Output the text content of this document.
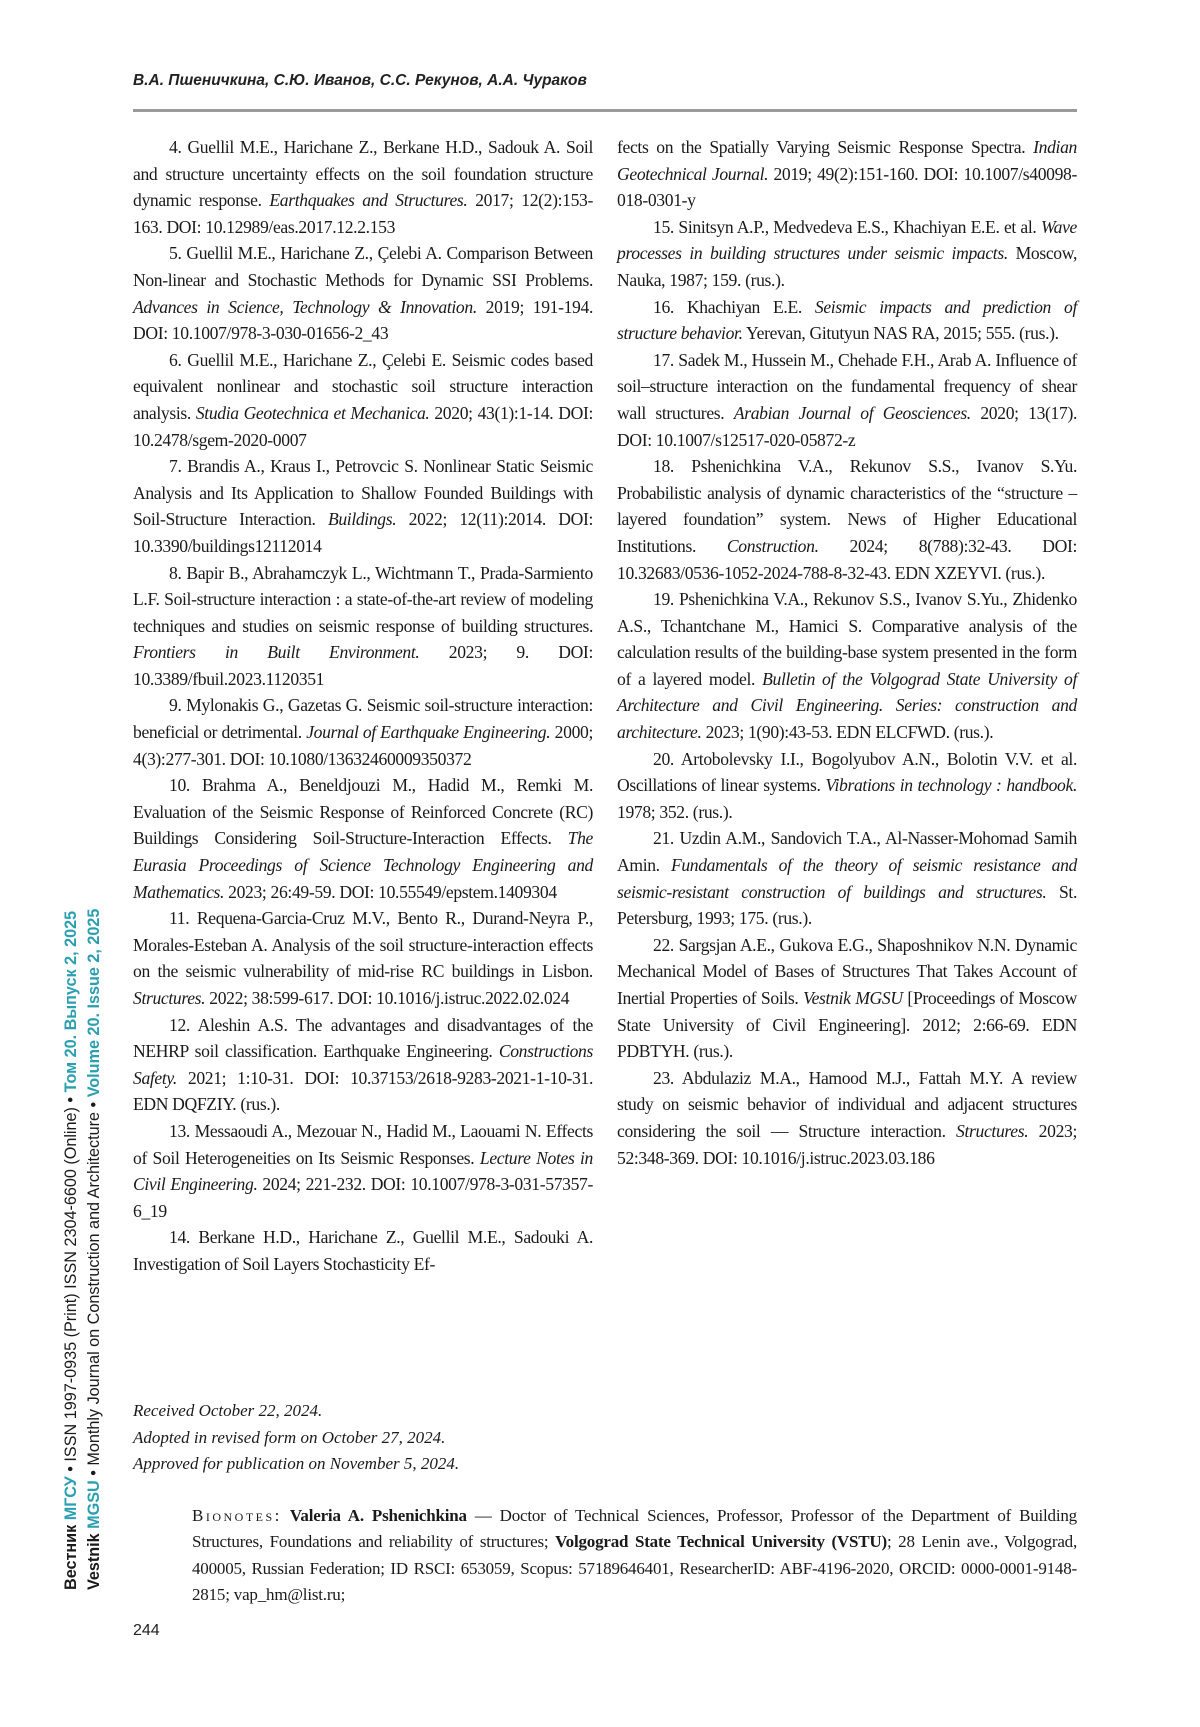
В.А. Пшеничкина, С.Ю. Иванов, С.С. Рекунов, А.А. Чураков
Вестник МГСУ • ISSN 1997-0935 (Print) ISSN 2304-6600 (Online) • Том 20. Выпуск 2, 2025
Vestnik MGSU • Monthly Journal on Construction and Architecture • Volume 20. Issue 2, 2025

4. Guellil M.E., Harichane Z., Berkane H.D., Sadouk A. Soil and structure uncertainty effects on the soil foundation structure dynamic response. Earthquakes and Structures. 2017; 12(2):153-163. DOI: 10.12989/eas.2017.12.2.153

5. Guellil M.E., Harichane Z., Çelebi A. Comparison Between Non-linear and Stochastic Methods for Dynamic SSI Problems. Advances in Science, Technology & Innovation. 2019; 191-194. DOI: 10.1007/978-3-030-01656-2_43

6. Guellil M.E., Harichane Z., Çelebi E. Seismic codes based equivalent nonlinear and stochastic soil structure interaction analysis. Studia Geotechnica et Mechanica. 2020; 43(1):1-14. DOI: 10.2478/sgem-2020-0007

7. Brandis A., Kraus I., Petrovcic S. Nonlinear Static Seismic Analysis and Its Application to Shallow Founded Buildings with Soil-Structure Interaction. Buildings. 2022; 12(11):2014. DOI: 10.3390/buildings12112014

8. Bapir B., Abrahamczyk L., Wichtmann T., Prada-Sarmiento L.F. Soil-structure interaction : a state-of-the-art review of modeling techniques and studies on seismic response of building structures. Frontiers in Built Environment. 2023; 9. DOI: 10.3389/fbuil.2023.1120351

9. Mylonakis G., Gazetas G. Seismic soil-structure interaction: beneficial or detrimental. Journal of Earthquake Engineering. 2000; 4(3):277-301. DOI: 10.1080/13632460009350372

10. Brahma A., Beneldjouzi M., Hadid M., Remki M. Evaluation of the Seismic Response of Reinforced Concrete (RC) Buildings Considering Soil-Structure-Interaction Effects. The Eurasia Proceedings of Science Technology Engineering and Mathematics. 2023; 26:49-59. DOI: 10.55549/epstem.1409304

11. Requena-Garcia-Cruz M.V., Bento R., Durand-Neyra P., Morales-Esteban A. Analysis of the soil structure-interaction effects on the seismic vulnerability of mid-rise RC buildings in Lisbon. Structures. 2022; 38:599-617. DOI: 10.1016/j.istruc.2022.02.024

12. Aleshin A.S. The advantages and disadvantages of the NEHRP soil classification. Earthquake Engineering. Constructions Safety. 2021; 1:10-31. DOI: 10.37153/2618-9283-2021-1-10-31. EDN DQFZIY. (rus.).

13. Messaoudi A., Mezouar N., Hadid M., Laouami N. Effects of Soil Heterogeneities on Its Seismic Responses. Lecture Notes in Civil Engineering. 2024; 221-232. DOI: 10.1007/978-3-031-57357-6_19

14. Berkane H.D., Harichane Z., Guellil M.E., Sadouki A. Investigation of Soil Layers Stochasticity Ef-

fects on the Spatially Varying Seismic Response Spectra. Indian Geotechnical Journal. 2019; 49(2):151-160. DOI: 10.1007/s40098-018-0301-y

15. Sinitsyn A.P., Medvedeva E.S., Khachiyan E.E. et al. Wave processes in building structures under seismic impacts. Moscow, Nauka, 1987; 159. (rus.).

16. Khachiyan E.E. Seismic impacts and prediction of structure behavior. Yerevan, Gitutyun NAS RA, 2015; 555. (rus.).

17. Sadek M., Hussein M., Chehade F.H., Arab A. Influence of soil–structure interaction on the fundamental frequency of shear wall structures. Arabian Journal of Geosciences. 2020; 13(17). DOI: 10.1007/s12517-020-05872-z

18. Pshenichkina V.A., Rekunov S.S., Ivanov S.Yu. Probabilistic analysis of dynamic characteristics of the “structure – layered foundation” system. News of Higher Educational Institutions. Construction. 2024; 8(788):32-43. DOI: 10.32683/0536-1052-2024-788-8-32-43. EDN XZEYVI. (rus.).

19. Pshenichkina V.A., Rekunov S.S., Ivanov S.Yu., Zhidenko A.S., Tchantchane M., Hamici S. Comparative analysis of the calculation results of the building-base system presented in the form of a layered model. Bulletin of the Volgograd State University of Architecture and Civil Engineering. Series: construction and architecture. 2023; 1(90):43-53. EDN ELCFWD. (rus.).

20. Artobolevsky I.I., Bogolyubov A.N., Bolotin V.V. et al. Oscillations of linear systems. Vibrations in technology : handbook. 1978; 352. (rus.).

21. Uzdin A.M., Sandovich T.A., Al-Nasser-Mohomad Samih Amin. Fundamentals of the theory of seismic resistance and seismic-resistant construction of buildings and structures. St. Petersburg, 1993; 175. (rus.).

22. Sargsjan A.E., Gukova E.G., Shaposhnikov N.N. Dynamic Mechanical Model of Bases of Structures That Takes Account of Inertial Properties of Soils. Vestnik MGSU [Proceedings of Moscow State University of Civil Engineering]. 2012; 2:66-69. EDN PDBTYH. (rus.).

23. Abdulaziz M.A., Hamood M.J., Fattah M.Y. A review study on seismic behavior of individual and adjacent structures considering the soil — Structure interaction. Structures. 2023; 52:348-369. DOI: 10.1016/j.istruc.2023.03.186

Received October 22, 2024.
Adopted in revised form on October 27, 2024.
Approved for publication on November 5, 2024.
Bionotes: Valeria A. Pshenichkina — Doctor of Technical Sciences, Professor, Professor of the Department of Building Structures, Foundations and reliability of structures; Volgograd State Technical University (VSTU); 28 Lenin ave., Volgograd, 400005, Russian Federation; ID RSCI: 653059, Scopus: 57189646401, ResearcherID: ABF-4196-2020, ORCID: 0000-0001-9148-2815; vap_hm@list.ru;
244
